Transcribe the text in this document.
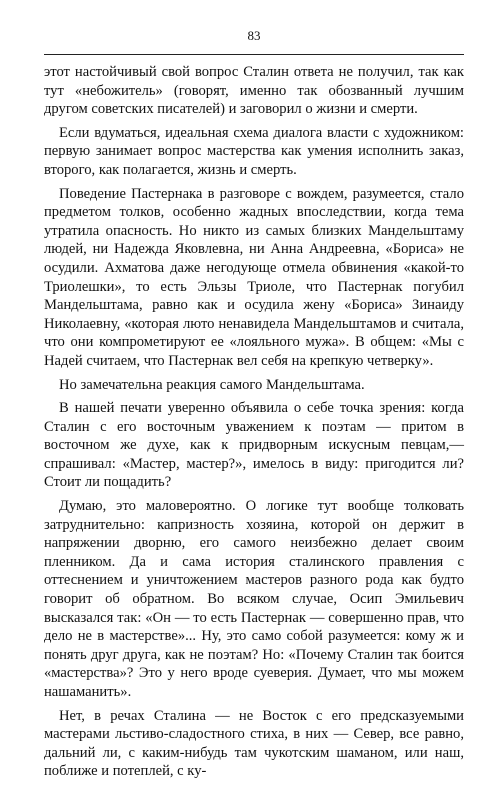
83

этот настойчивый свой вопрос Сталин ответа не получил, так как тут «небожитель» (говорят, именно так обозванный лучшим другом советских писателей) и заговорил о жизни и смерти.

Если вдуматься, идеальная схема диалога власти с художником: первую занимает вопрос мастерства как умения исполнить заказ, второго, как полагается, жизнь и смерть.

Поведение Пастернака в разговоре с вождем, разумеется, стало предметом толков, особенно жадных впоследствии, когда тема утратила опасность. Но никто из самых близких Мандельштаму людей, ни Надежда Яковлевна, ни Анна Андреевна, «Бориса» не осудили. Ахматова даже негодующе отмела обвинения «какой-то Триолешки», то есть Эльзы Триоле, что Пастернак погубил Мандельштама, равно как и осудила жену «Бориса» Зинаиду Николаевну, «которая люто ненавидела Мандельштамов и считала, что они компрометируют ее «лояльного мужа». В общем: «Мы с Надей считаем, что Пастернак вел себя на крепкую четверку».

Но замечательна реакция самого Мандельштама.

В нашей печати уверенно объявила о себе точка зрения: когда Сталин с его восточным уважением к поэтам — притом в восточном же духе, как к придворным искусным певцам,— спрашивал: «Мастер, мастер?», имелось в виду: пригодится ли? Стоит ли пощадить?

Думаю, это маловероятно. О логике тут вообще толковать затруднительно: капризность хозяина, которой он держит в напряжении дворню, его самого неизбежно делает своим пленником. Да и сама история сталинского правления с оттеснением и уничтожением мастеров разного рода как будто говорит об обратном. Во всяком случае, Осип Эмильевич высказался так: «Он — то есть Пастернак — совершенно прав, что дело не в мастерстве»... Ну, это само собой разумеется: кому ж и понять друг друга, как не поэтам? Но: «Почему Сталин так боится «мастерства»? Это у него вроде суеверия. Думает, что мы можем нашаманить».

Нет, в речах Сталина — не Восток с его предсказуемыми мастерами льстиво-сладостного стиха, в них — Север, все равно, дальний ли, с каким-нибудь там чукотским шаманом, или наш, поближе и потеплей, с ку-
